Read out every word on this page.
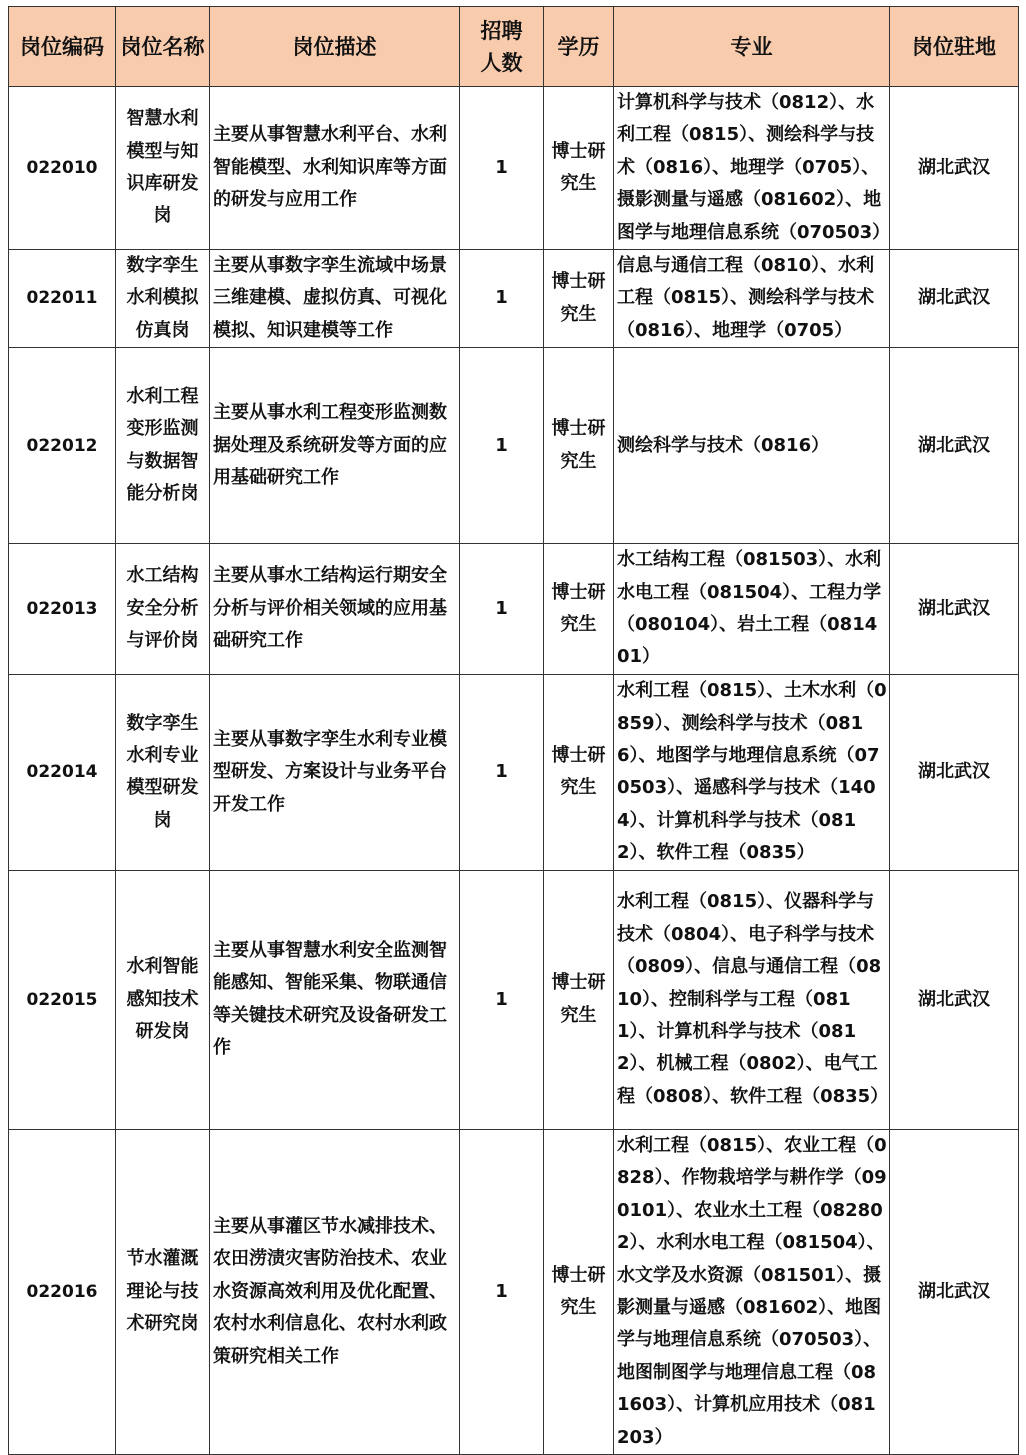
岗位编码	岗位名称	岗位描述	招聘人数	学历	专业	岗位驻地
022010	智慧水利模型与知识库研发岗	主要从事智慧水利平台、水利智能模型、水利知识库等方面的研发与应用工作	1	博士研究生	计算机科学与技术（0812）、水利工程（0815）、测绘科学与技术（0816）、地理学（0705）、摄影测量与遥感（081602）、地图学与地理信息系统（070503）	湖北武汉
022011	数字孪生水利模拟仿真岗	主要从事数字孪生流域中场景三维建模、虚拟仿真、可视化模拟、知识建模等工作	1	博士研究生	信息与通信工程（0810）、水利工程（0815）、测绘科学与技术（0816）、地理学（0705）	湖北武汉
022012	水利工程变形监测与数据智能分析岗	主要从事水利工程变形监测数据处理及系统研发等方面的应用基础研究工作	1	博士研究生	测绘科学与技术（0816）	湖北武汉
022013	水工结构安全分析与评价岗	主要从事水工结构运行期安全分析与评价相关领域的应用基础研究工作	1	博士研究生	水工结构工程（081503）、水利水电工程（081504）、工程力学（080104）、岩土工程（081401）	湖北武汉
022014	数字孪生水利专业模型研发岗	主要从事数字孪生水利专业模型研发、方案设计与业务平台开发工作	1	博士研究生	水利工程（0815）、土木水利（0859）、测绘科学与技术（0816）、地图学与地理信息系统（070503）、遥感科学与技术（1404）、计算机科学与技术（0812）、软件工程（0835）	湖北武汉
022015	水利智能感知技术研发岗	主要从事智慧水利安全监测智能感知、智能采集、物联通信等关键技术研究及设备研发工作	1	博士研究生	水利工程（0815）、仪器科学与技术（0804）、电子科学与技术（0809）、信息与通信工程（0810）、控制科学与工程（0811）、计算机科学与技术（0812）、机械工程（0802）、电气工程（0808）、软件工程（0835）	湖北武汉
022016	节水灌溉理论与技术研究岗	主要从事灌区节水减排技术、农田涝渍灾害防治技术、农业水资源高效利用及优化配置、农村水利信息化、农村水利政策研究相关工作	1	博士研究生	水利工程（0815）、农业工程（0828）、作物栽培学与耕作学（090101）、农业水土工程（082802）、水利水电工程（081504）、水文学及水资源（081501）、摄影测量与遥感（081602）、地图学与地理信息系统（070503）、地图制图学与地理信息工程（081603）、计算机应用技术（081203）	湖北武汉
